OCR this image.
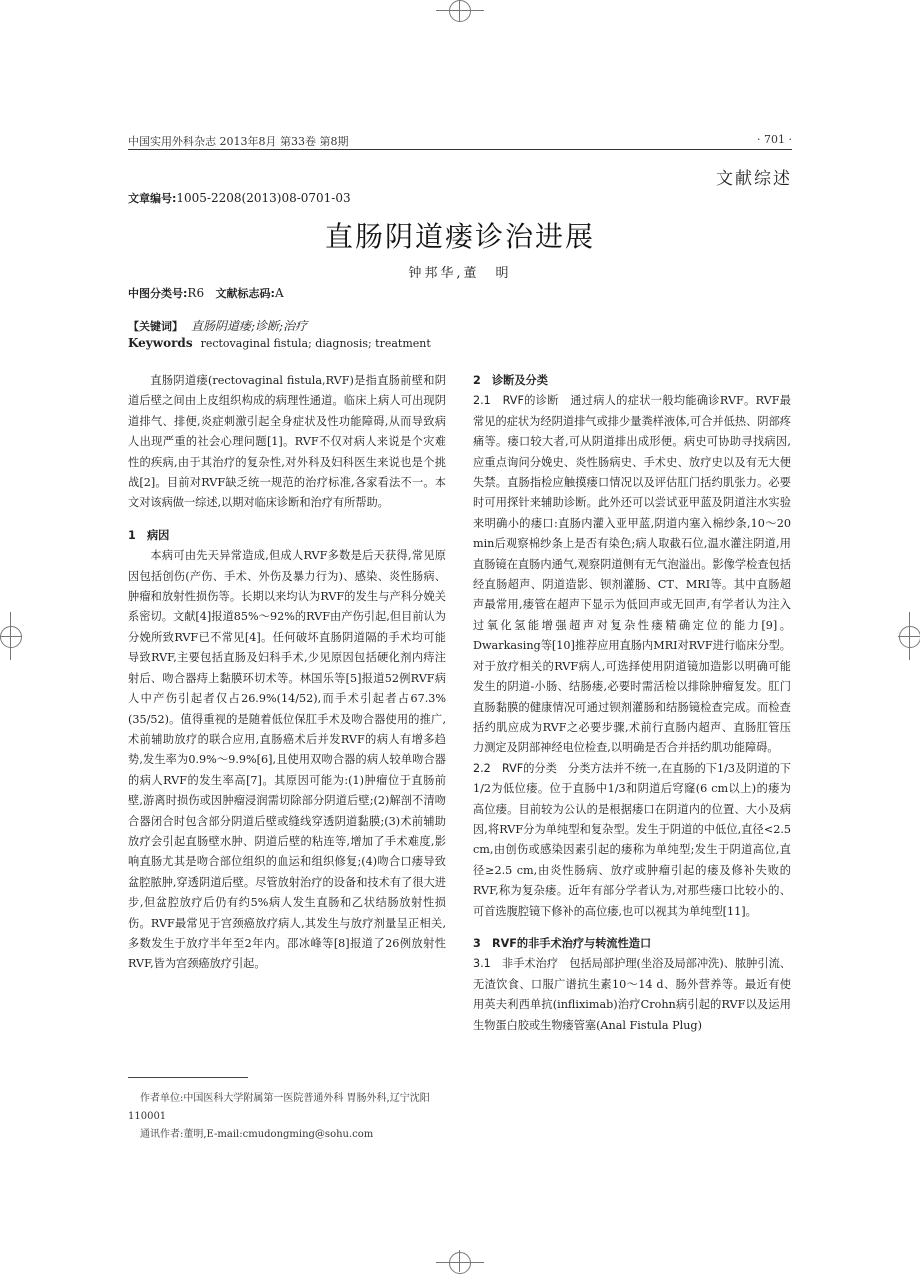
中国实用外科杂志 2013年8月 第33卷 第8期	· 701 ·
文献综述
文章编号:1005-2208(2013)08-0701-03
直肠阴道瘘诊治进展
钟邦华,董　明
中图分类号:R6 文献标志码:A
【关键词】 直肠阴道瘘;诊断;治疗
Keywords rectovaginal fistula; diagnosis; treatment

直肠阴道瘘(rectovaginal fistula,RVF)是指直肠前壁和阴道后壁之间由上皮组织构成的病理性通道。临床上病人可出现阴道排气、排便,炎症刺激引起全身症状及性功能障碍,从而导致病人出现严重的社会心理问题[1]。RVF不仅对病人来说是个灾难性的疾病,由于其治疗的复杂性,对外科及妇科医生来说也是个挑战[2]。目前对RVF缺乏统一规范的治疗标准,各家看法不一。本文对该病做一综述,以期对临床诊断和治疗有所帮助。

1　病因

本病可由先天异常造成,但成人RVF多数是后天获得,常见原因包括创伤(产伤、手术、外伤及暴力行为)、感染、炎性肠病、肿瘤和放射性损伤等。长期以来均认为RVF的发生与产科分娩关系密切。文献[4]报道85%～92%的RVF由产伤引起,但目前认为分娩所致RVF已不常见[4]。任何破坏直肠阴道隔的手术均可能导致RVF,主要包括直肠及妇科手术,少见原因包括硬化剂内痔注射后、吻合器痔上黏膜环切术等。林国乐等[5]报道52例RVF病人中产伤引起者仅占26.9%(14/52),而手术引起者占67.3%(35/52)。值得重视的是随着低位保肛手术及吻合器使用的推广,术前辅助放疗的联合应用,直肠癌术后并发RVF的病人有增多趋势,发生率为0.9%～9.9%[6],且使用双吻合器的病人较单吻合器的病人RVF的发生率高[7]。其原因可能为:(1)肿瘤位于直肠前壁,游离时损伤或因肿瘤浸润需切除部分阴道后壁;(2)解剖不清吻合器闭合时包含部分阴道后壁或缝线穿透阴道黏膜;(3)术前辅助放疗会引起直肠壁水肿、阴道后壁的粘连等,增加了手术难度,影响直肠尤其是吻合部位组织的血运和组织修复;(4)吻合口瘘导致盆腔脓肿,穿透阴道后壁。尽管放射治疗的设备和技术有了很大进步,但盆腔放疗后仍有约5%病人发生直肠和乙状结肠放射性损伤。RVF最常见于宫颈癌放疗病人,其发生与放疗剂量呈正相关,多数发生于放疗半年至2年内。邵冰峰等[8]报道了26例放射性RVF,皆为宫颈癌放疗引起。

2　诊断及分类

2.1　RVF的诊断　 通过病人的症状一般均能确诊RVF。RVF最常见的症状为经阴道排气或排少量粪样液体,可合并低热、阴部疼痛等。瘘口较大者,可从阴道排出成形便。病史可协助寻找病因,应重点询问分娩史、炎性肠病史、手术史、放疗史以及有无大便失禁。直肠指检应触摸瘘口情况以及评估肛门括约肌张力。必要时可用探针来辅助诊断。此外还可以尝试亚甲蓝及阴道注水实验来明确小的瘘口:直肠内灌入亚甲蓝,阴道内塞入棉纱条,10～20 min后观察棉纱条上是否有染色;病人取截石位,温水灌注阴道,用直肠镜在直肠内通气,观察阴道侧有无气泡溢出。影像学检查包括经直肠超声、阴道造影、钡剂灌肠、CT、MRI等。其中直肠超声最常用,瘘管在超声下显示为低回声或无回声,有学者认为注入过氧化氢能增强超声对复杂性瘘精确定位的能力[9]。Dwarkasing等[10]推荐应用直肠内MRI对RVF进行临床分型。对于放疗相关的RVF病人,可选择使用阴道镜加造影以明确可能发生的阴道-小肠、结肠瘘,必要时需活检以排除肿瘤复发。肛门直肠黏膜的健康情况可通过钡剂灌肠和结肠镜检查完成。而检查括约肌应成为RVF之必要步骤,术前行直肠内超声、直肠肛管压力测定及阴部神经电位检查,以明确是否合并括约肌功能障碍。

2.2　RVF的分类　 分类方法并不统一,在直肠的下1/3及阴道的下1/2为低位瘘。位于直肠中1/3和阴道后穹窿(6 cm以上)的瘘为高位瘘。目前较为公认的是根据瘘口在阴道内的位置、大小及病因,将RVF分为单纯型和复杂型。发生于阴道的中低位,直径<2.5 cm,由创伤或感染因素引起的瘘称为单纯型;发生于阴道高位,直径≥2.5 cm,由炎性肠病、放疗或肿瘤引起的瘘及修补失败的RVF,称为复杂瘘。近年有部分学者认为,对那些瘘口比较小的、可首选腹腔镜下修补的高位瘘,也可以视其为单纯型[11]。

3　RVF的非手术治疗与转流性造口

3.1　非手术治疗　 包括局部护理(坐浴及局部冲洗)、脓肿引流、无渣饮食、口服广谱抗生素10～14 d、肠外营养等。最近有使用英夫利西单抗(infliximab)治疗Crohn病引起的RVF以及运用生物蛋白胶或生物瘘管塞(Anal Fistula Plug)

作者单位:中国医科大学附属第一医院普通外科 胃肠外科,辽宁沈阳110001
通讯作者:董明,E-mail:cmudongming@sohu.com
